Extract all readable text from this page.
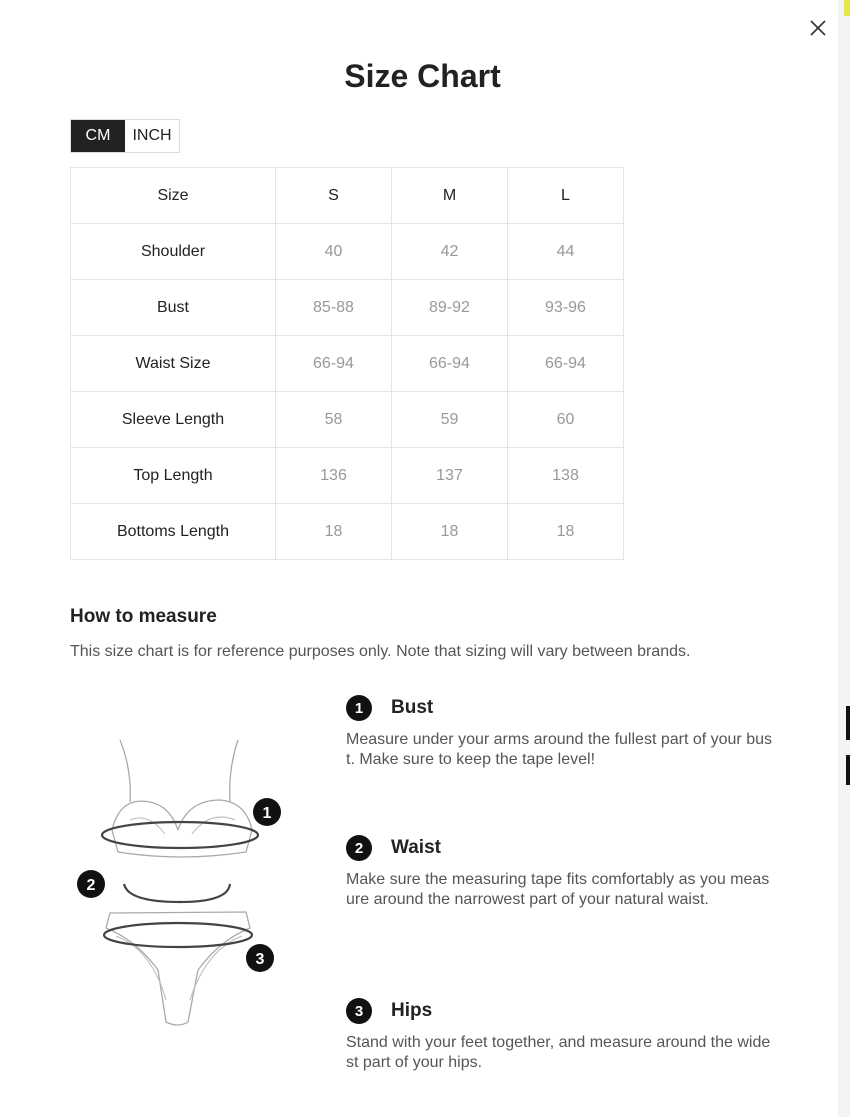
Size Chart
CM	INCH
Size	S	M	L
Shoulder	40	42	44
Bust	85-88	89-92	93-96
Waist Size	66-94	66-94	66-94
Sleeve Length	58	59	60
Top Length	136	137	138
Bottoms Length	18	18	18
How to measure
This size chart is for reference purposes only. Note that sizing will vary between brands.
1
2
3
1	Bust
Measure under your arms around the fullest part of your bust. Make sure to keep the tape level!
2	Waist
Make sure the measuring tape fits comfortably as you measure around the narrowest part of your natural waist.
3	Hips
Stand with your feet together, and measure around the widest part of your hips.
